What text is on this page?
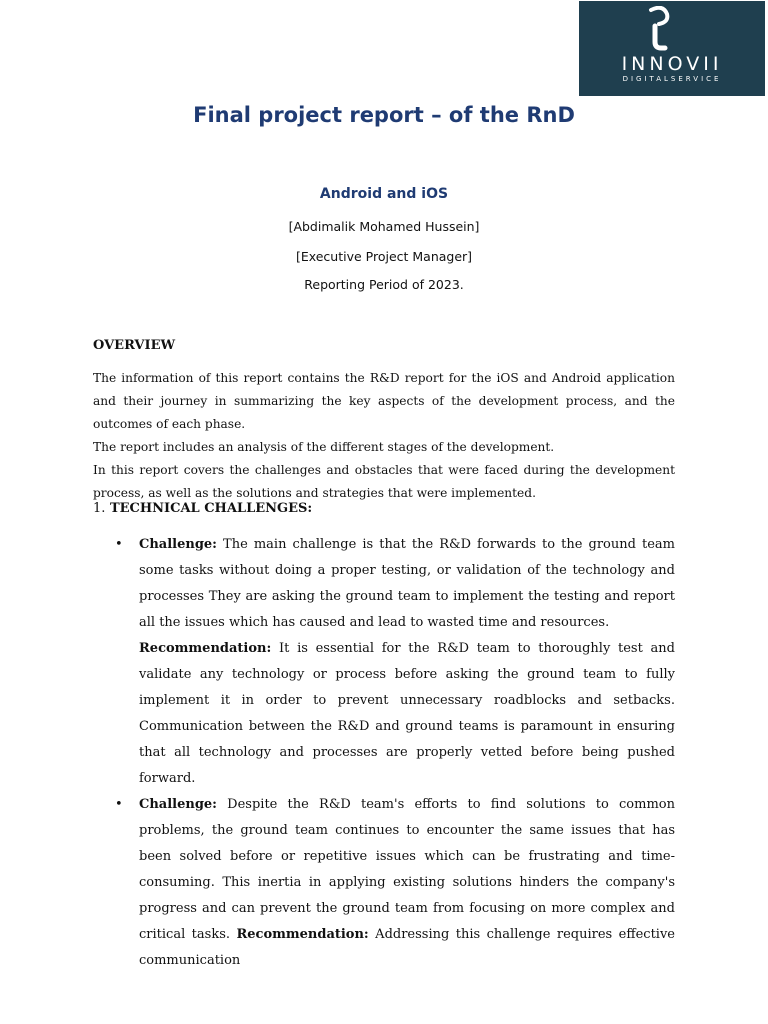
INNOVII
DIGITALSERVICE
Final project report – of the RnD
Android and iOS
[Abdimalik Mohamed Hussein]
[Executive Project Manager]
Reporting Period of 2023.
OVERVIEW

The information of this report contains the R&D report for the iOS and Android application and their journey in summarizing the key aspects of the development process, and the outcomes of each phase.

The report includes an analysis of the different stages of the development.

In this report covers the challenges and obstacles that were faced during the development process, as well as the solutions and strategies that were implemented.

1. TECHNICAL CHALLENGES:
• Challenge: The main challenge is that the R&D forwards to the ground team some tasks without doing a proper testing, or validation of the technology and processes They are asking the ground team to implement the testing and report all the issues which has caused and lead to wasted time and resources.
Recommendation: It is essential for the R&D team to thoroughly test and validate any technology or process before asking the ground team to fully implement it in order to prevent unnecessary roadblocks and setbacks. Communication between the R&D and ground teams is paramount in ensuring that all technology and processes are properly vetted before being pushed forward.
• Challenge: Despite the R&D team's efforts to find solutions to common problems, the ground team continues to encounter the same issues that has been solved before or repetitive issues which can be frustrating and time-consuming. This inertia in applying existing solutions hinders the company's progress and can prevent the ground team from focusing on more complex and critical tasks. Recommendation: Addressing this challenge requires effective communication
